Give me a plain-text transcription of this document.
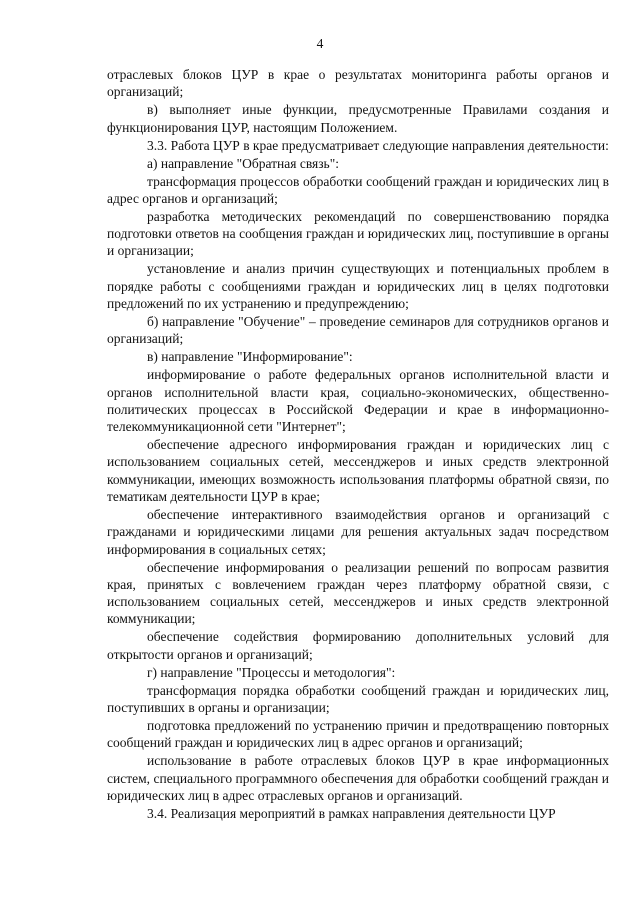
4

отраслевых блоков ЦУР в крае о результатах мониторинга работы органов и организаций;

в) выполняет иные функции, предусмотренные Правилами создания и функционирования ЦУР, настоящим Положением.

3.3. Работа ЦУР в крае предусматривает следующие направления деятельности:

а) направление "Обратная связь":

трансформация процессов обработки сообщений граждан и юридических лиц в адрес органов и организаций;

разработка методических рекомендаций по совершенствованию порядка подготовки ответов на сообщения граждан и юридических лиц, поступившие в органы и организации;

установление и анализ причин существующих и потенциальных проблем в порядке работы с сообщениями граждан и юридических лиц в целях подготовки предложений по их устранению и предупреждению;

б) направление "Обучение" – проведение семинаров для сотрудников органов и организаций;

в) направление "Информирование":

информирование о работе федеральных органов исполнительной власти и органов исполнительной власти края, социально-экономических, общественно-политических процессах в Российской Федерации и крае в информационно-телекоммуникационной сети "Интернет";

обеспечение адресного информирования граждан и юридических лиц с использованием социальных сетей, мессенджеров и иных средств электронной коммуникации, имеющих возможность использования платформы обратной связи, по тематикам деятельности ЦУР в крае;

обеспечение интерактивного взаимодействия органов и организаций с гражданами и юридическими лицами для решения актуальных задач посредством информирования в социальных сетях;

обеспечение информирования о реализации решений по вопросам развития края, принятых с вовлечением граждан через платформу обратной связи, с использованием социальных сетей, мессенджеров и иных средств электронной коммуникации;

обеспечение содействия формированию дополнительных условий для открытости органов и организаций;

г) направление "Процессы и методология":

трансформация порядка обработки сообщений граждан и юридических лиц, поступивших в органы и организации;

подготовка предложений по устранению причин и предотвращению повторных сообщений граждан и юридических лиц в адрес органов и организаций;

использование в работе отраслевых блоков ЦУР в крае информационных систем, специального программного обеспечения для обработки сообщений граждан и юридических лиц в адрес отраслевых органов и организаций.

3.4. Реализация мероприятий в рамках направления деятельности ЦУР
